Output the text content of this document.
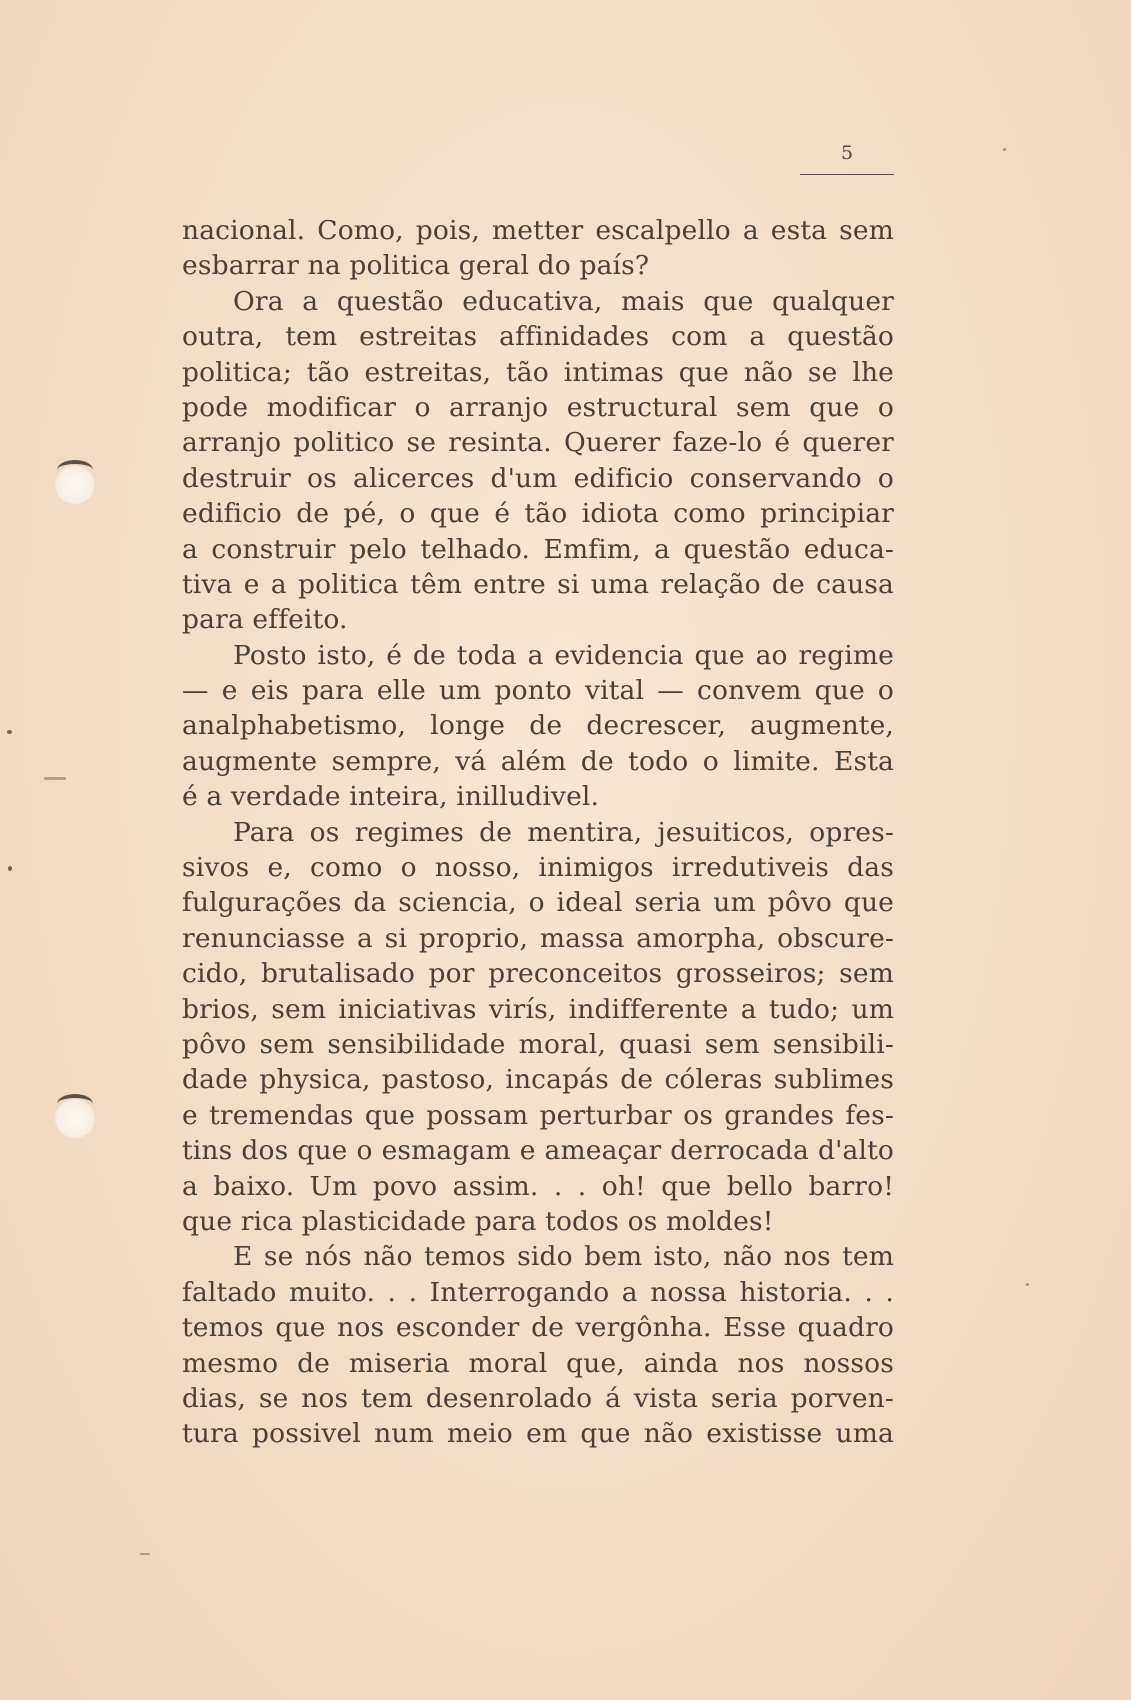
5
nacional. Como, pois, metter escalpello a esta sem
esbarrar na politica geral do país?
Ora a questão educativa, mais que qualquer
outra, tem estreitas affinidades com a questão
politica; tão estreitas, tão intimas que não se lhe
pode modificar o arranjo estructural sem que o
arranjo politico se resinta. Querer faze-lo é querer
destruir os alicerces d'um edificio conservando o
edificio de pé, o que é tão idiota como principiar
a construir pelo telhado. Emfim, a questão educa-
tiva e a politica têm entre si uma relação de causa
para effeito.
Posto isto, é de toda a evidencia que ao regime
— e eis para elle um ponto vital — convem que o
analphabetismo, longe de decrescer, augmente,
augmente sempre, vá além de todo o limite. Esta
é a verdade inteira, inilludivel.
Para os regimes de mentira, jesuiticos, opres-
sivos e, como o nosso, inimigos irredutiveis das
fulgurações da sciencia, o ideal seria um pôvo que
renunciasse a si proprio, massa amorpha, obscure-
cido, brutalisado por preconceitos grosseiros; sem
brios, sem iniciativas virís, indifferente a tudo; um
pôvo sem sensibilidade moral, quasi sem sensibili-
dade physica, pastoso, incapás de cóleras sublimes
e tremendas que possam perturbar os grandes fes-
tins dos que o esmagam e ameaçar derrocada d'alto
a baixo. Um povo assim. . . oh! que bello barro!
que rica plasticidade para todos os moldes!
E se nós não temos sido bem isto, não nos tem
faltado muito. . . Interrogando a nossa historia. . .
temos que nos esconder de vergônha. Esse quadro
mesmo de miseria moral que, ainda nos nossos
dias, se nos tem desenrolado á vista seria porven-
tura possivel num meio em que não existisse uma
